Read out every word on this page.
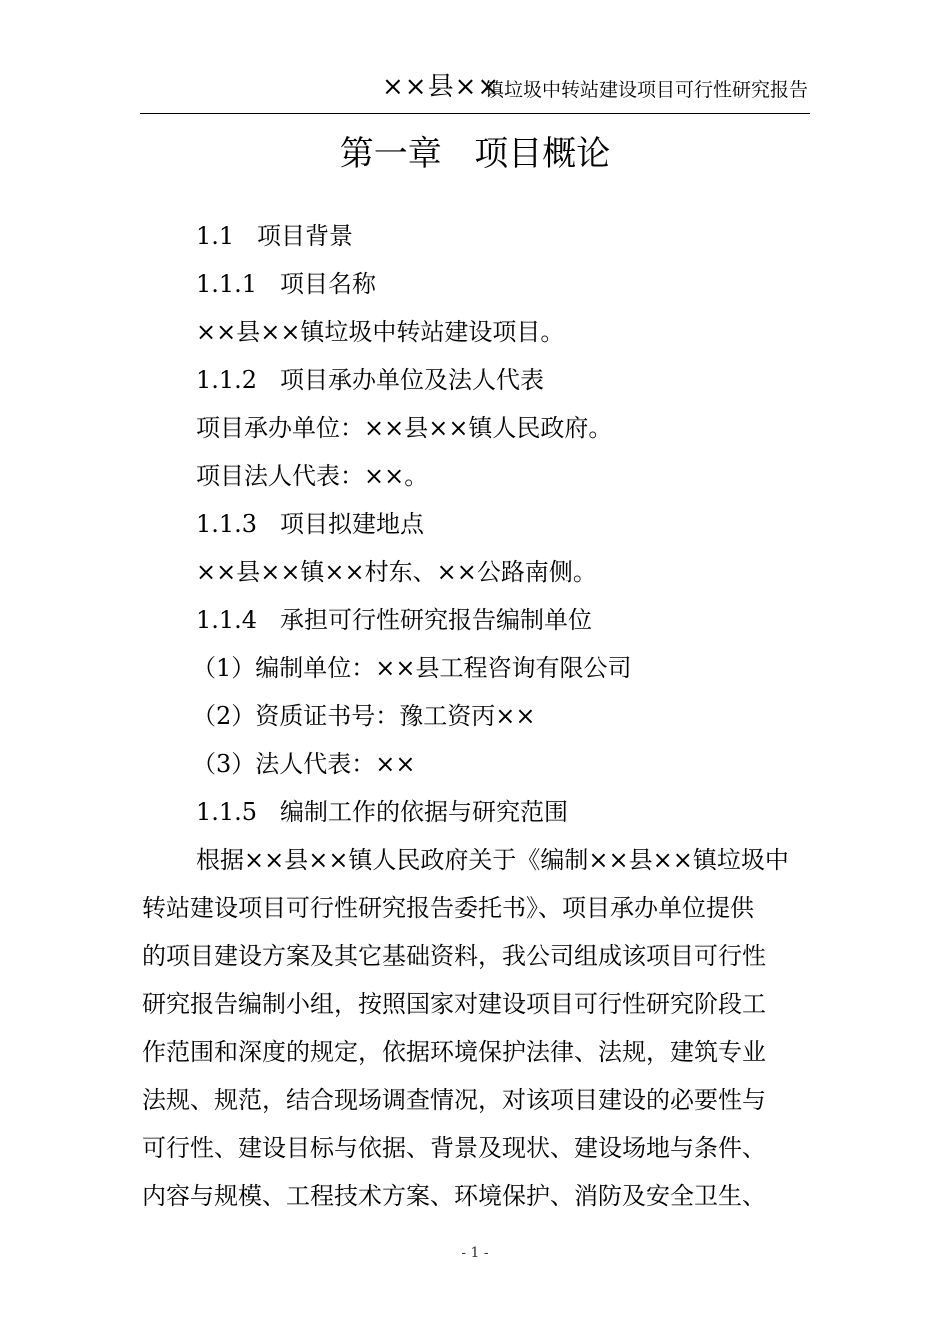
××县××
镇垃圾中转站建设项目可行性研究报告
第一章   项目概论
1.1   项目背景
1.1.1   项目名称
××县××镇垃圾中转站建设项目。
1.1.2   项目承办单位及法人代表
项目承办单位：××县××镇人民政府。
项目法人代表：××。
1.1.3   项目拟建地点
××县××镇××村东、××公路南侧。
1.1.4   承担可行性研究报告编制单位
（1）编制单位：××县工程咨询有限公司
（2）资质证书号：豫工资丙××
（3）法人代表：××
1.1.5   编制工作的依据与研究范围
根据××县××镇人民政府关于《编制××县××镇垃圾中
转站建设项目可行性研究报告委托书》、项目承办单位提供
的项目建设方案及其它基础资料，我公司组成该项目可行性
研究报告编制小组，按照国家对建设项目可行性研究阶段工
作范围和深度的规定，依据环境保护法律、法规，建筑专业
法规、规范，结合现场调查情况，对该项目建设的必要性与
可行性、建设目标与依据、背景及现状、建设场地与条件、
内容与规模、工程技术方案、环境保护、消防及安全卫生、
- 1 -
